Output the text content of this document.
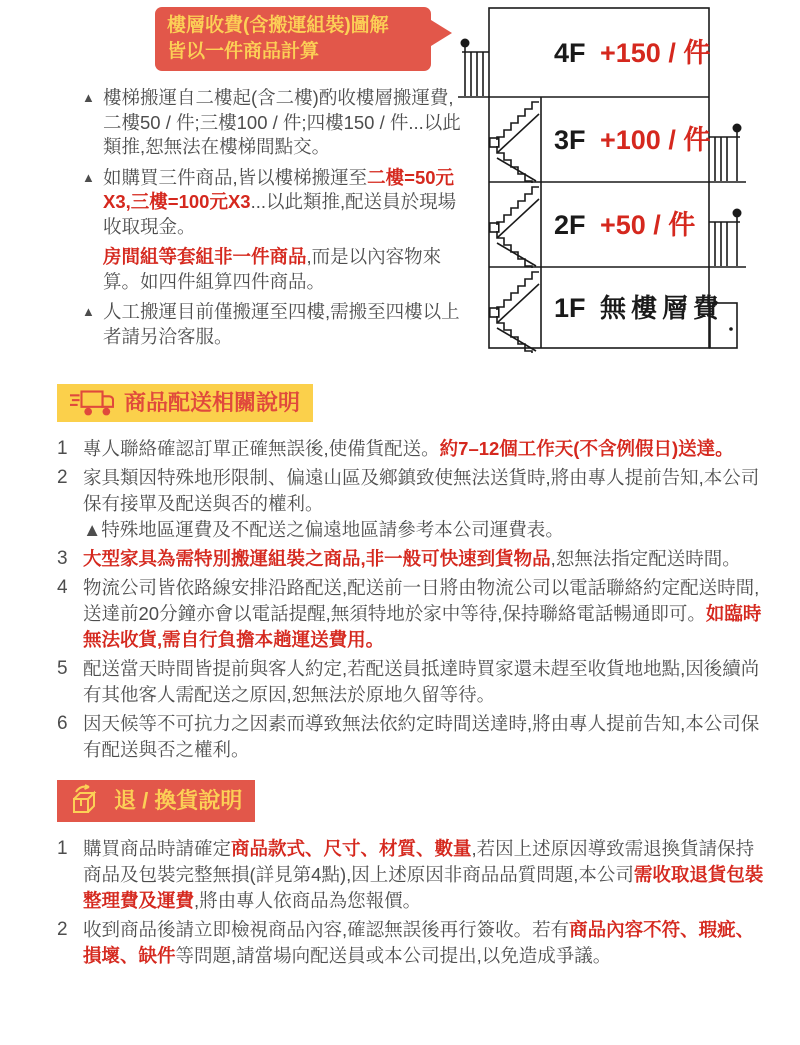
樓層收費(含搬運組裝)圖解
皆以一件商品計算
▲ 樓梯搬運自二樓起(含二樓)酌收樓層搬運費,二樓50 / 件;三樓100 / 件;四樓150 / 件...以此類推,恕無法在樓梯間點交。
▲ 如購買三件商品,皆以樓梯搬運至二樓=50元X3,三樓=100元X3...以此類推,配送員於現場收取現金。
房間組等套組非一件商品,而是以內容物來算。如四件組算四件商品。
▲ 人工搬運目前僅搬運至四樓,需搬至四樓以上者請另洽客服。
4F +150 / 件
3F +100 / 件
2F +50 / 件
1F 無樓層費
商品配送相關說明
1 專人聯絡確認訂單正確無誤後,使備貨配送。約7–12個工作天(不含例假日)送達。
2 家具類因特殊地形限制、偏遠山區及鄉鎮致使無法送貨時,將由專人提前告知,本公司保有接單及配送與否的權利。
▲特殊地區運費及不配送之偏遠地區請參考本公司運費表。
3 大型家具為需特別搬運組裝之商品,非一般可快速到貨物品,恕無法指定配送時間。
4 物流公司皆依路線安排沿路配送,配送前一日將由物流公司以電話聯絡約定配送時間,送達前20分鐘亦會以電話提醒,無須特地於家中等待,保持聯絡電話暢通即可。如臨時無法收貨,需自行負擔本趟運送費用。
5 配送當天時間皆提前與客人約定,若配送員抵達時買家還未趕至收貨地地點,因後續尚有其他客人需配送之原因,恕無法於原地久留等待。
6 因天候等不可抗力之因素而導致無法依約定時間送達時,將由專人提前告知,本公司保有配送與否之權利。
退 / 換貨說明
1 購買商品時請確定商品款式、尺寸、材質、數量,若因上述原因導致需退換貨請保持商品及包裝完整無損(詳見第4點),因上述原因非商品品質問題,本公司需收取退貨包裝整理費及運費,將由專人依商品為您報價。
2 收到商品後請立即檢視商品內容,確認無誤後再行簽收。若有商品內容不符、瑕疵、損壞、缺件等問題,請當場向配送員或本公司提出,以免造成爭議。
